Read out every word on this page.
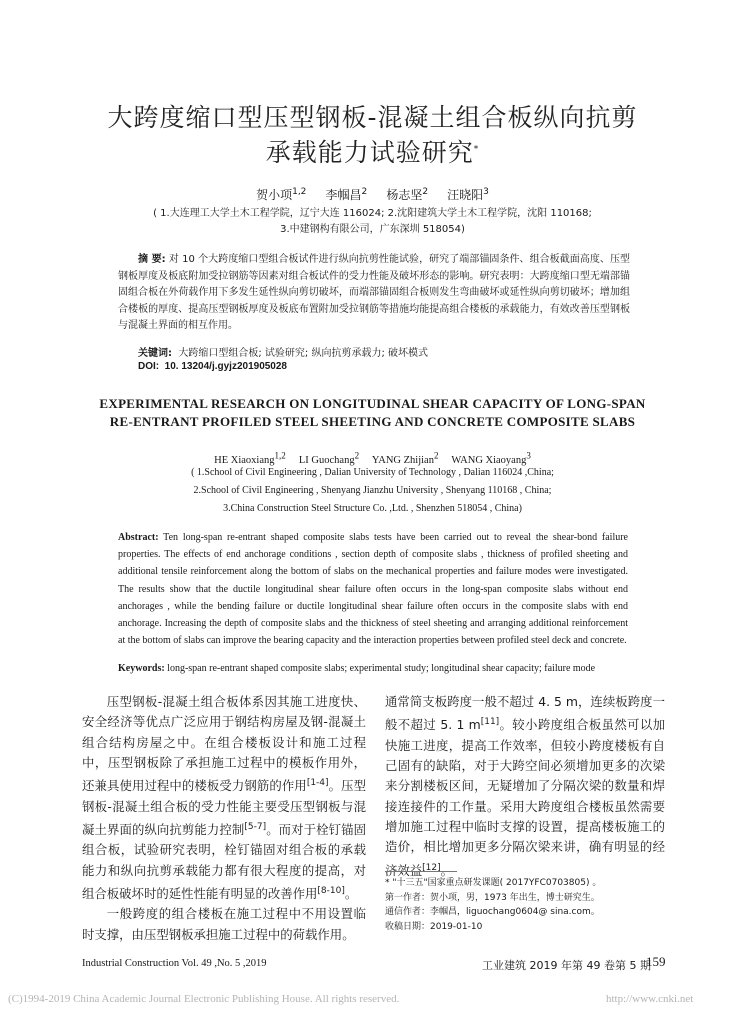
大跨度缩口型压型钢板-混凝土组合板纵向抗剪
承载能力试验研究*
贺小项$^{1,2}$ 李帼昌$^2$ 杨志坚$^2$ 汪晓阳$^3$
( 1.大连理工大学土木工程学院，辽宁大连 116024; 2.沈阳建筑大学土木工程学院，沈阳 110168;
3.中建钢构有限公司，广东深圳 518054)
摘 要: 对 10 个大跨度缩口型组合板试件进行纵向抗剪性能试验，研究了端部锚固条件、组合板截面高度、压型钢板厚度及板底附加受拉钢筋等因素对组合板试件的受力性能及破坏形态的影响。研究表明：大跨度缩口型无端部锚固组合板在外荷载作用下多发生延性纵向剪切破坏，而端部锚固组合板则发生弯曲破坏或延性纵向剪切破坏；增加组合楼板的厚度、提高压型钢板厚度及板底布置附加受拉钢筋等措施均能提高组合楼板的承载能力，有效改善压型钢板与混凝土界面的相互作用。
关键词: 大跨缩口型组合板; 试验研究; 纵向抗剪承载力; 破坏模式
DOI: 10. 13204/j.gyjz201905028
EXPERIMENTAL RESEARCH ON LONGITUDINAL SHEAR CAPACITY OF LONG-SPAN
RE-ENTRANT PROFILED STEEL SHEETING AND CONCRETE COMPOSITE SLABS
HE Xiaoxiang1,2 LI Guochang2 YANG Zhijian2 WANG Xiaoyang3
( 1.School of Civil Engineering , Dalian University of Technology , Dalian 116024 ,China;
2.School of Civil Engineering , Shenyang Jianzhu University , Shenyang 110168 , China;
3.China Construction Steel Structure Co. ,Ltd. , Shenzhen 518054 , China)
Abstract: Ten long-span re-entrant shaped composite slabs tests have been carried out to reveal the shear-bond failure properties. The effects of end anchorage conditions , section depth of composite slabs , thickness of profiled sheeting and additional tensile reinforcement along the bottom of slabs on the mechanical properties and failure modes were investigated. The results show that the ductile longitudinal shear failure often occurs in the long-span composite slabs without end anchorages , while the bending failure or ductile longitudinal shear failure often occurs in the composite slabs with end anchorage. Increasing the depth of composite slabs and the thickness of steel sheeting and arranging additional reinforcement at the bottom of slabs can improve the bearing capacity and the interaction properties between profiled steel deck and concrete.
Keywords: long-span re-entrant shaped composite slabs; experimental study; longitudinal shear capacity; failure mode

压型钢板-混凝土组合板体系因其施工进度快、安全经济等优点广泛应用于钢结构房屋及钢-混凝土组合结构房屋之中。在组合楼板设计和施工过程中，压型钢板除了承担施工过程中的模板作用外，还兼具使用过程中的楼板受力钢筋的作用[1-4]。压型钢板-混凝土组合板的受力性能主要受压型钢板与混凝土界面的纵向抗剪能力控制[5-7]。而对于栓钉锚固组合板，试验研究表明，栓钉锚固对组合板的承载能力和纵向抗剪承载能力都有很大程度的提高，对组合板破坏时的延性性能有明显的改善作用[8-10]。

一般跨度的组合楼板在施工过程中不用设置临时支撑，由压型钢板承担施工过程中的荷载作用。

通常简支板跨度一般不超过 4. 5 m，连续板跨度一般不超过 5. 1 m[11]。较小跨度组合板虽然可以加快施工进度，提高工作效率，但较小跨度楼板有自己固有的缺陷，对于大跨空间必须增加更多的次梁来分割楼板区间，无疑增加了分隔次梁的数量和焊接连接件的工作量。采用大跨度组合楼板虽然需要增加施工过程中临时支撑的设置，提高楼板施工的造价，相比增加更多分隔次梁来讲，确有明显的经济效益[12]。

* "十三五"国家重点研发课题( 2017YFC0703805) 。
第一作者：贺小项，男，1973 年出生，博士研究生。
通信作者：李帼昌，liguochang0604@ sina.com。
收稿日期：2019-01-10
Industrial Construction Vol. 49 ,No. 5 ,2019	工业建筑 2019 年第 49 卷第 5 期
159
(C)1994-2019 China Academic Journal Electronic Publishing House. All rights reserved.	http://www.cnki.net
